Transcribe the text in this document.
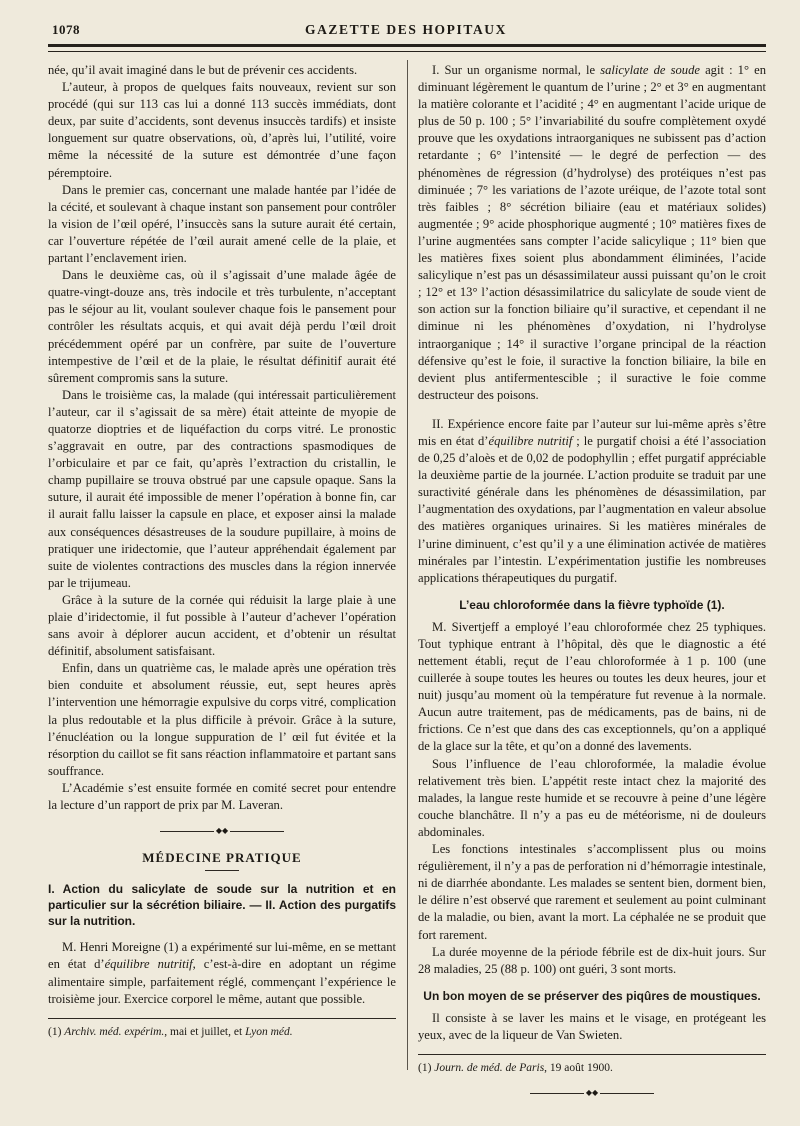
1078	GAZETTE DES HOPITAUX

née, qu’il avait imaginé dans le but de prévenir ces accidents.

L’auteur, à propos de quelques faits nouveaux, revient sur son procédé (qui sur 113 cas lui a donné 113 succès immédiats, dont deux, par suite d’accidents, sont devenus insuccès tardifs) et insiste longuement sur quatre observations, où, d’après lui, l’utilité, voire même la nécessité de la suture est démontrée d’une façon péremptoire.

Dans le premier cas, concernant une malade hantée par l’idée de la cécité, et soulevant à chaque instant son pansement pour contrôler la vision de l’œil opéré, l’insuccès sans la suture aurait été certain, car l’ouverture répétée de l’œil aurait amené celle de la plaie, et partant l’enclavement irien.

Dans le deuxième cas, où il s’agissait d’une malade âgée de quatre-vingt-douze ans, très indocile et très turbulente, n’acceptant pas le séjour au lit, voulant soulever chaque fois le pansement pour contrôler les résultats acquis, et qui avait déjà perdu l’œil droit précédemment opéré par un confrère, par suite de l’ouverture intempestive de l’œil et de la plaie, le résultat définitif aurait été sûrement compromis sans la suture.

Dans le troisième cas, la malade (qui intéressait particulièrement l’auteur, car il s’agissait de sa mère) était atteinte de myopie de quatorze dioptries et de liquéfaction du corps vitré. Le pronostic s’aggravait en outre, par des contractions spasmodiques de l’orbiculaire et par ce fait, qu’après l’extraction du cristallin, le champ pupillaire se trouva obstrué par une capsule opaque. Sans la suture, il aurait été impossible de mener l’opération à bonne fin, car il aurait fallu laisser la capsule en place, et exposer ainsi la malade aux conséquences désastreuses de la soudure pupillaire, à moins de pratiquer une iridectomie, que l’auteur appréhendait également par suite de violentes contractions des muscles dans la région innervée par le trijumeau.

Grâce à la suture de la cornée qui réduisit la large plaie à une plaie d’iridectomie, il fut possible à l’auteur d’achever l’opération sans avoir à déplorer aucun accident, et d’obtenir un résultat définitif, absolument satisfaisant.

Enfin, dans un quatrième cas, le malade après une opération très bien conduite et absolument réussie, eut, sept heures après l’intervention une hémorragie expulsive du corps vitré, complication la plus redoutable et la plus difficile à prévoir. Grâce à la suture, l’énucléation ou la longue suppuration de l’ œil fut évitée et la résorption du caillot se fit sans réaction inflammatoire et partant sans souffrance.

L’Académie s’est ensuite formée en comité secret pour entendre la lecture d’un rapport de prix par M. Laveran.

◆◆
MÉDECINE PRATIQUE
I. Action du salicylate de soude sur la nutrition et en particulier sur la sécrétion biliaire. — II. Action des purgatifs sur la nutrition.

M. Henri Moreigne (1) a expérimenté sur lui-même, en se mettant en état d’équilibre nutritif, c’est-à-dire en adoptant un régime alimentaire simple, parfaitement réglé, commençant l’expérience le troisième jour. Exercice corporel le même, autant que possible.

(1) Archiv. méd. expérim., mai et juillet, et Lyon méd.

I. Sur un organisme normal, le salicylate de soude agit : 1° en diminuant légèrement le quantum de l’urine ; 2° et 3° en augmentant la matière colorante et l’acidité ; 4° en augmentant l’acide urique de plus de 50 p. 100 ; 5° l’invariabilité du soufre complètement oxydé prouve que les oxydations intraorganiques ne subissent pas d’action retardante ; 6° l’intensité — le degré de perfection — des phénomènes de régression (d’hydrolyse) des protéiques n’est pas diminuée ; 7° les variations de l’azote uréique, de l’azote total sont très faibles ; 8° sécrétion biliaire (eau et matériaux solides) augmentée ; 9° acide phosphorique augmenté ; 10° matières fixes de l’urine augmentées sans compter l’acide salicylique ; 11° bien que les matières fixes soient plus abondamment éliminées, l’acide salicylique n’est pas un désassimilateur aussi puissant qu’on le croit ; 12° et 13° l’action désassimilatrice du salicylate de soude vient de son action sur la fonction biliaire qu’il suractive, et cependant il ne diminue ni les phénomènes d’oxydation, ni l’hydrolyse intraorganique ; 14° il suractive l’organe principal de la réaction défensive qu’est le foie, il suractive la fonction biliaire, la bile en devient plus antifermentescible ; il suractive le foie comme destructeur des poisons.

II. Expérience encore faite par l’auteur sur lui-même après s’être mis en état d’équilibre nutritif ; le purgatif choisi a été l’association de 0,25 d’aloès et de 0,02 de podophyllin ; effet purgatif appréciable la deuxième partie de la journée. L’action produite se traduit par une suractivité générale dans les phénomènes de désassimilation, par l’augmentation des oxydations, par l’augmentation en valeur absolue des matières organiques urinaires. Si les matières minérales de l’urine diminuent, c’est qu’il y a une élimination activée de matières minérales par l’intestin. L’expérimentation justifie les nombreuses applications thérapeutiques du purgatif.

L’eau chloroformée dans la fièvre typhoïde (1).

M. Sivertjeff a employé l’eau chloroformée chez 25 typhiques. Tout typhique entrant à l’hôpital, dès que le diagnostic a été nettement établi, reçut de l’eau chloroformée à 1 p. 100 (une cuillerée à soupe toutes les heures ou toutes les deux heures, jour et nuit) jusqu’au moment où la température fut revenue à la normale. Aucun autre traitement, pas de médicaments, pas de bains, ni de frictions. Ce n’est que dans des cas exceptionnels, qu’on a appliqué de la glace sur la tête, et qu’on a donné des lavements.

Sous l’influence de l’eau chloroformée, la maladie évolue relativement très bien. L’appétit reste intact chez la majorité des malades, la langue reste humide et se recouvre à peine d’une légère couche blanchâtre. Il n’y a pas eu de météorisme, ni de douleurs abdominales.

Les fonctions intestinales s’accomplissent plus ou moins régulièrement, il n’y a pas de perforation ni d’hémorragie intestinale, ni de diarrhée abondante. Les malades se sentent bien, dorment bien, le délire n’est observé que rarement et seulement au point culminant de la maladie, ou bien, avant la mort. La céphalée ne se produit que fort rarement.

La durée moyenne de la période fébrile est de dix-huit jours. Sur 28 maladies, 25 (88 p. 100) ont guéri, 3 sont morts.

Un bon moyen de se préserver des piqûres de moustiques.

Il consiste à se laver les mains et le visage, en protégeant les yeux, avec de la liqueur de Van Swieten.

(1) Journ. de méd. de Paris, 19 août 1900.

◆◆
